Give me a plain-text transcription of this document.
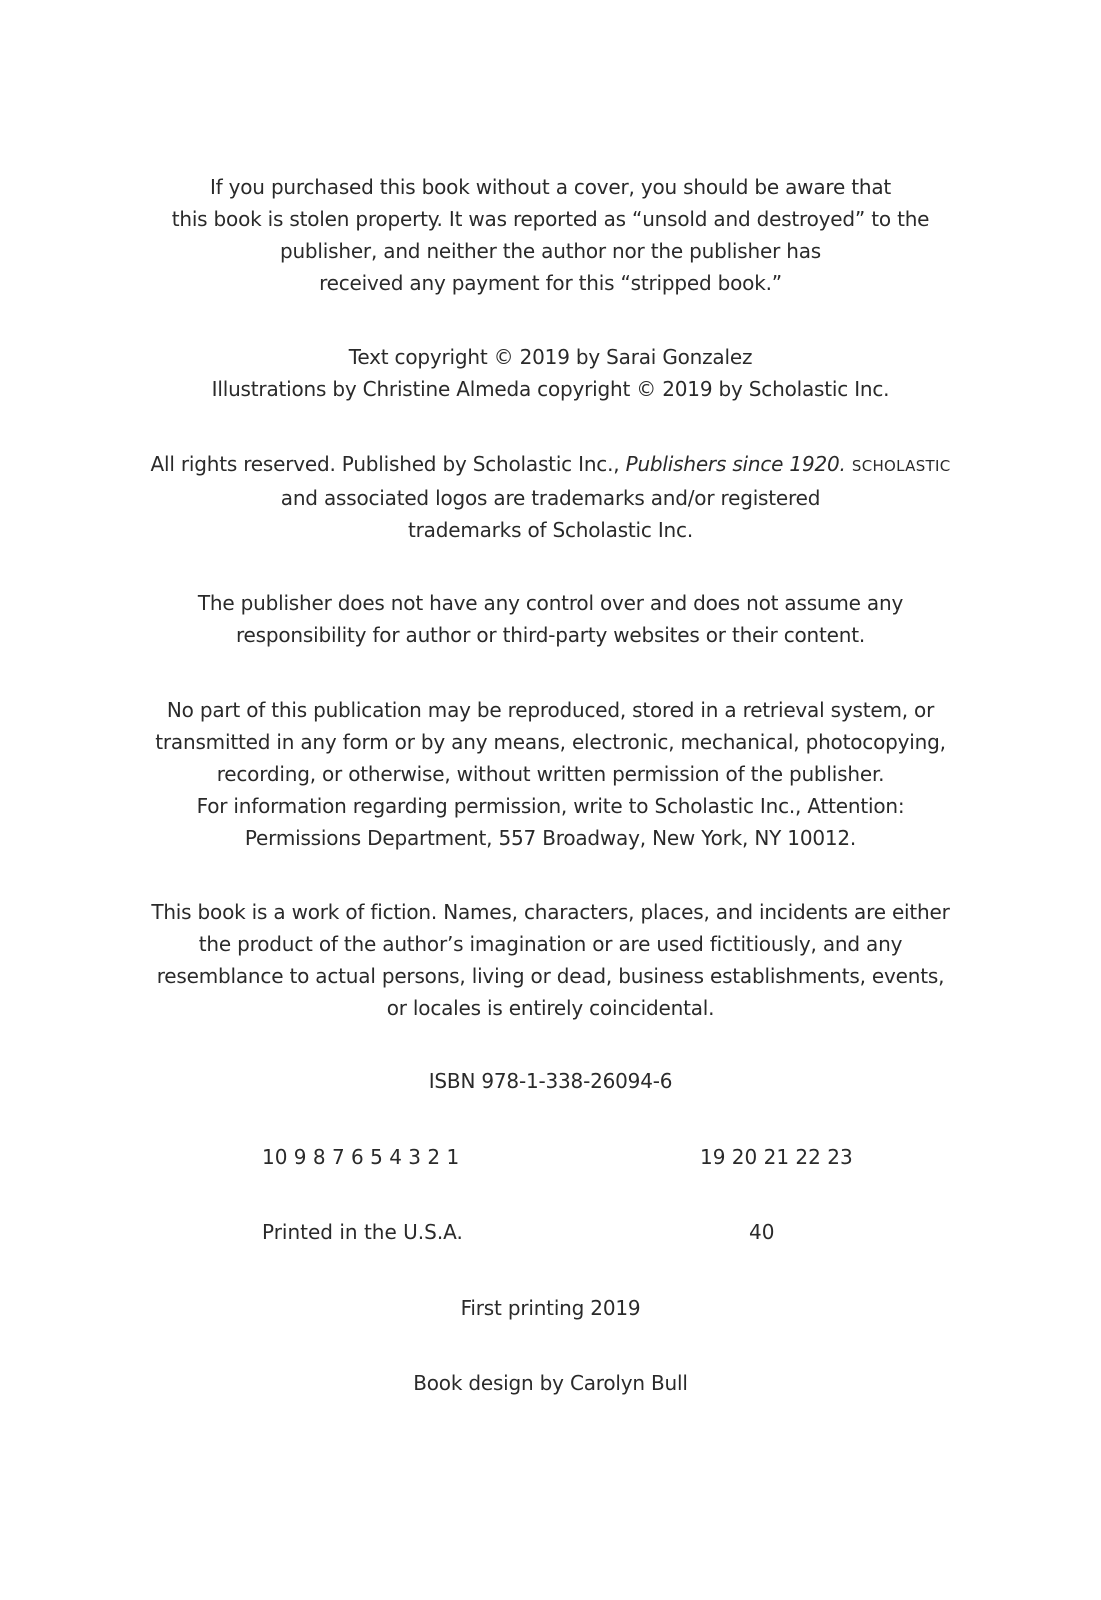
If you purchased this book without a cover, you should be aware that
this book is stolen property. It was reported as “unsold and destroyed” to the
publisher, and neither the author nor the publisher has
received any payment for this “stripped book.”
Text copyright © 2019 by Sarai Gonzalez
Illustrations by Christine Almeda copyright © 2019 by Scholastic Inc.
All rights reserved. Published by Scholastic Inc., Publishers since 1920. SCHOLASTIC
and associated logos are trademarks and/or registered
trademarks of Scholastic Inc.
The publisher does not have any control over and does not assume any
responsibility for author or third-party websites or their content.
No part of this publication may be reproduced, stored in a retrieval system, or
transmitted in any form or by any means, electronic, mechanical, photocopying,
recording, or otherwise, without written permission of the publisher.
For information regarding permission, write to Scholastic Inc., Attention:
Permissions Department, 557 Broadway, New York, NY 10012.
This book is a work of fiction. Names, characters, places, and incidents are either
the product of the author’s imagination or are used fictitiously, and any
resemblance to actual persons, living or dead, business establishments, events,
or locales is entirely coincidental.
ISBN 978-1-338-26094-6
10 9 8 7 6 5 4 3 2 1	19 20 21 22 23
Printed in the U.S.A.	40
First printing 2019
Book design by Carolyn Bull
